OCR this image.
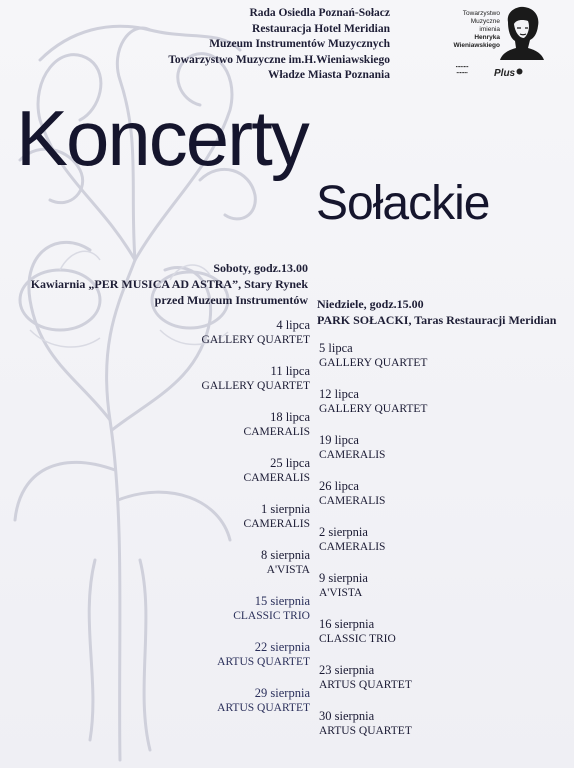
Rada Osiedla Poznań-Sołacz
Restauracja Hotel Meridian
Muzeum Instrumentów Muzycznych
Towarzystwo Muzyczne im.H.Wieniawskiego
Władze Miasta Poznania
Towarzystwo
Muzyczne
imienia
Henryka
Wieniawskiego
▪▪▪▪▪▪▪▪
▪▪▪▪▪▪▪	Plus
Koncerty
Sołackie
Soboty, godz.13.00
Kawiarnia „PER MUSICA AD ASTRA”, Stary Rynek
przed Muzeum Instrumentów Niedziele, godz.15.00
PARK SOŁACKI, Taras Restauracji Meridian
4 lipca
GALLERY QUARTET
11 lipca
GALLERY QUARTET
18 lipca
CAMERALIS
25 lipca
CAMERALIS
1 sierpnia
CAMERALIS
8 sierpnia
A'VISTA
15 sierpnia
CLASSIC TRIO
22 sierpnia
ARTUS QUARTET
29 sierpnia
ARTUS QUARTET
5 lipca
GALLERY QUARTET
12 lipca
GALLERY QUARTET
19 lipca
CAMERALIS
26 lipca
CAMERALIS
2 sierpnia
CAMERALIS
9 sierpnia
A'VISTA
16 sierpnia
CLASSIC TRIO
23 sierpnia
ARTUS QUARTET
30 sierpnia
ARTUS QUARTET
